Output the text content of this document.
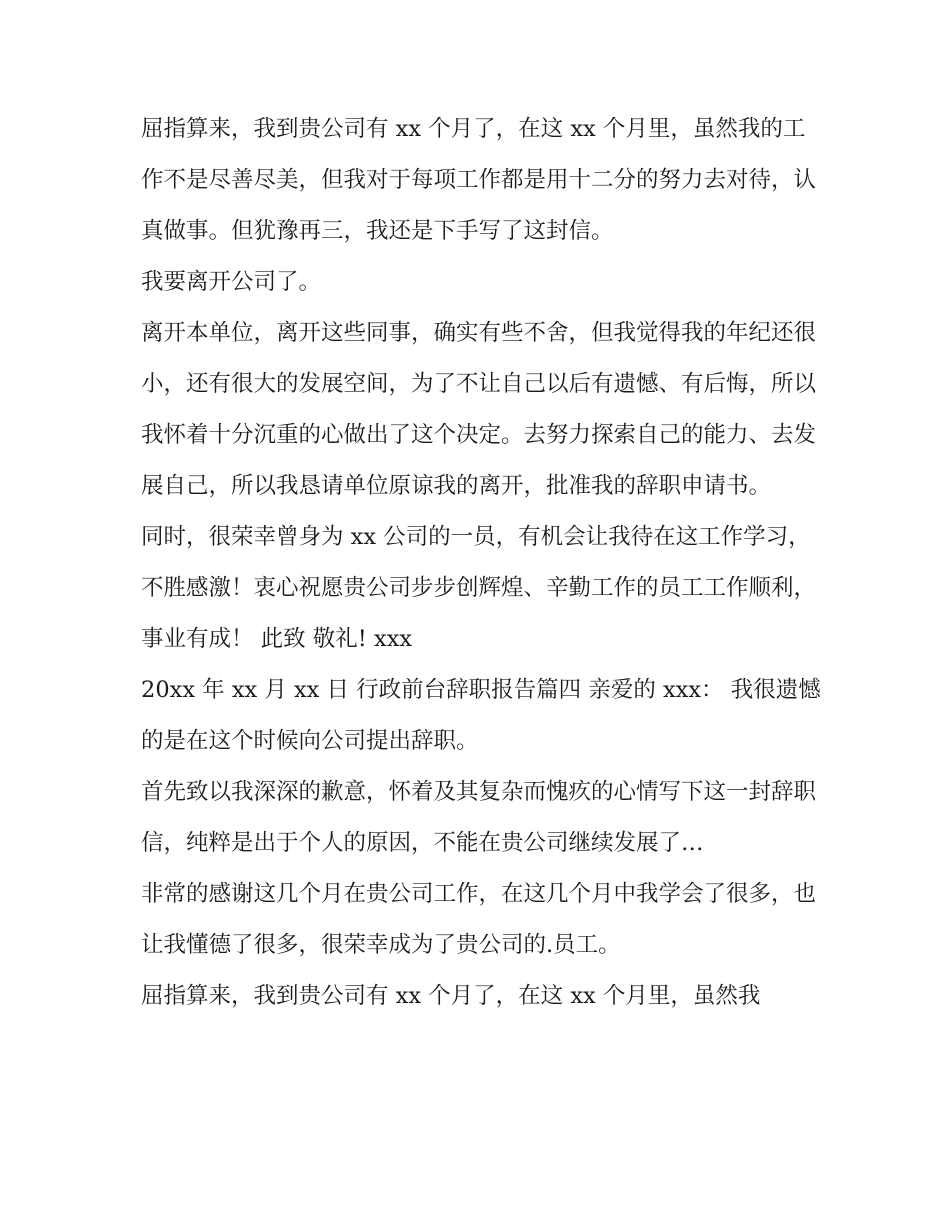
屈指算来，我到贵公司有 xx 个月了，在这 xx 个月里，虽然我的工作不是尽善尽美，但我对于每项工作都是用十二分的努力去对待，认真做事。但犹豫再三，我还是下手写了这封信。

我要离开公司了。

离开本单位，离开这些同事，确实有些不舍，但我觉得我的年纪还很小，还有很大的发展空间，为了不让自己以后有遗憾、有后悔，所以我怀着十分沉重的心做出了这个决定。去努力探索自己的能力、去发展自己，所以我恳请单位原谅我的离开，批准我的辞职申请书。

同时，很荣幸曾身为 xx 公司的一员，有机会让我待在这工作学习，不胜感激！衷心祝愿贵公司步步创辉煌、辛勤工作的员工工作顺利，事业有成！ 此致 敬礼! xxx

20xx 年 xx 月 xx 日 行政前台辞职报告篇四 亲爱的 xxx： 我很遗憾的是在这个时候向公司提出辞职。

首先致以我深深的歉意，怀着及其复杂而愧疚的心情写下这一封辞职信，纯粹是出于个人的原因，不能在贵公司继续发展了…

非常的感谢这几个月在贵公司工作，在这几个月中我学会了很多，也让我懂德了很多，很荣幸成为了贵公司的.员工。

屈指算来，我到贵公司有 xx 个月了，在这 xx 个月里，虽然我
